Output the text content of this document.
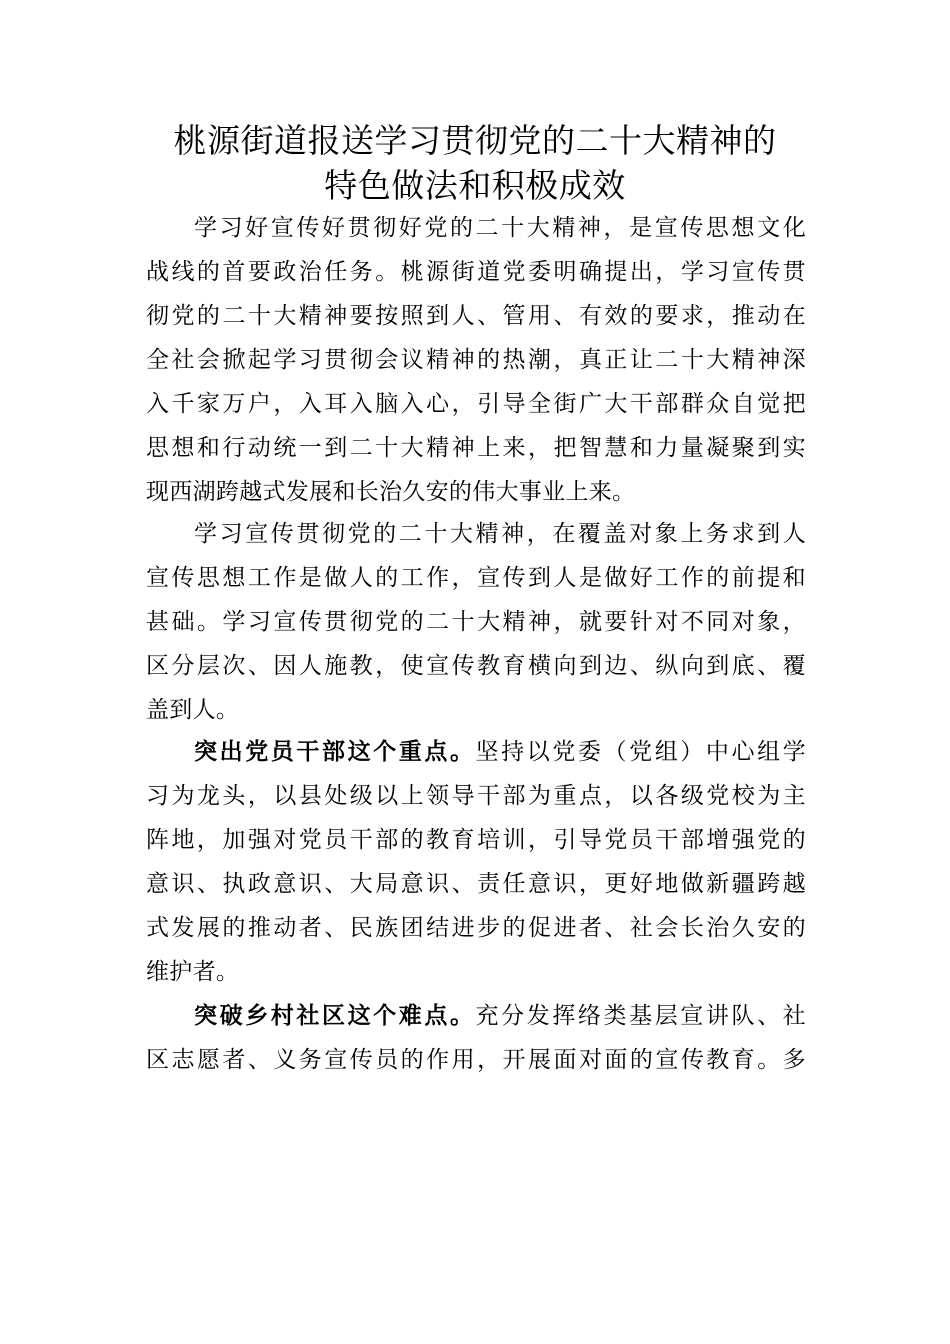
桃源街道报送学习贯彻党的二十大精神的
特色做法和积极成效
学习好宣传好贯彻好党的二十大精神，是宣传思想文化
战线的首要政治任务。桃源街道党委明确提出，学习宣传贯
彻党的二十大精神要按照到人、管用、有效的要求，推动在
全社会掀起学习贯彻会议精神的热潮，真正让二十大精神深
入千家万户，入耳入脑入心，引导全街广大干部群众自觉把
思想和行动统一到二十大精神上来，把智慧和力量凝聚到实
现西湖跨越式发展和长治久安的伟大事业上来。
学习宣传贯彻党的二十大精神，在覆盖对象上务求到人
宣传思想工作是做人的工作，宣传到人是做好工作的前提和
甚础。学习宣传贯彻党的二十大精神，就要针对不同对象，
区分层次、因人施教，使宣传教育横向到边、纵向到底、覆
盖到人。
突出党员干部这个重点。坚持以党委（党组）中心组学
习为龙头，以县处级以上领导干部为重点，以各级党校为主
阵地，加强对党员干部的教育培训，引导党员干部增强党的
意识、执政意识、大局意识、责任意识，更好地做新疆跨越
式发展的推动者、民族团结进步的促进者、社会长治久安的
维护者。
突破乡村社区这个难点。充分发挥络类基层宣讲队、社
区志愿者、义务宣传员的作用，开展面对面的宣传教育。多
